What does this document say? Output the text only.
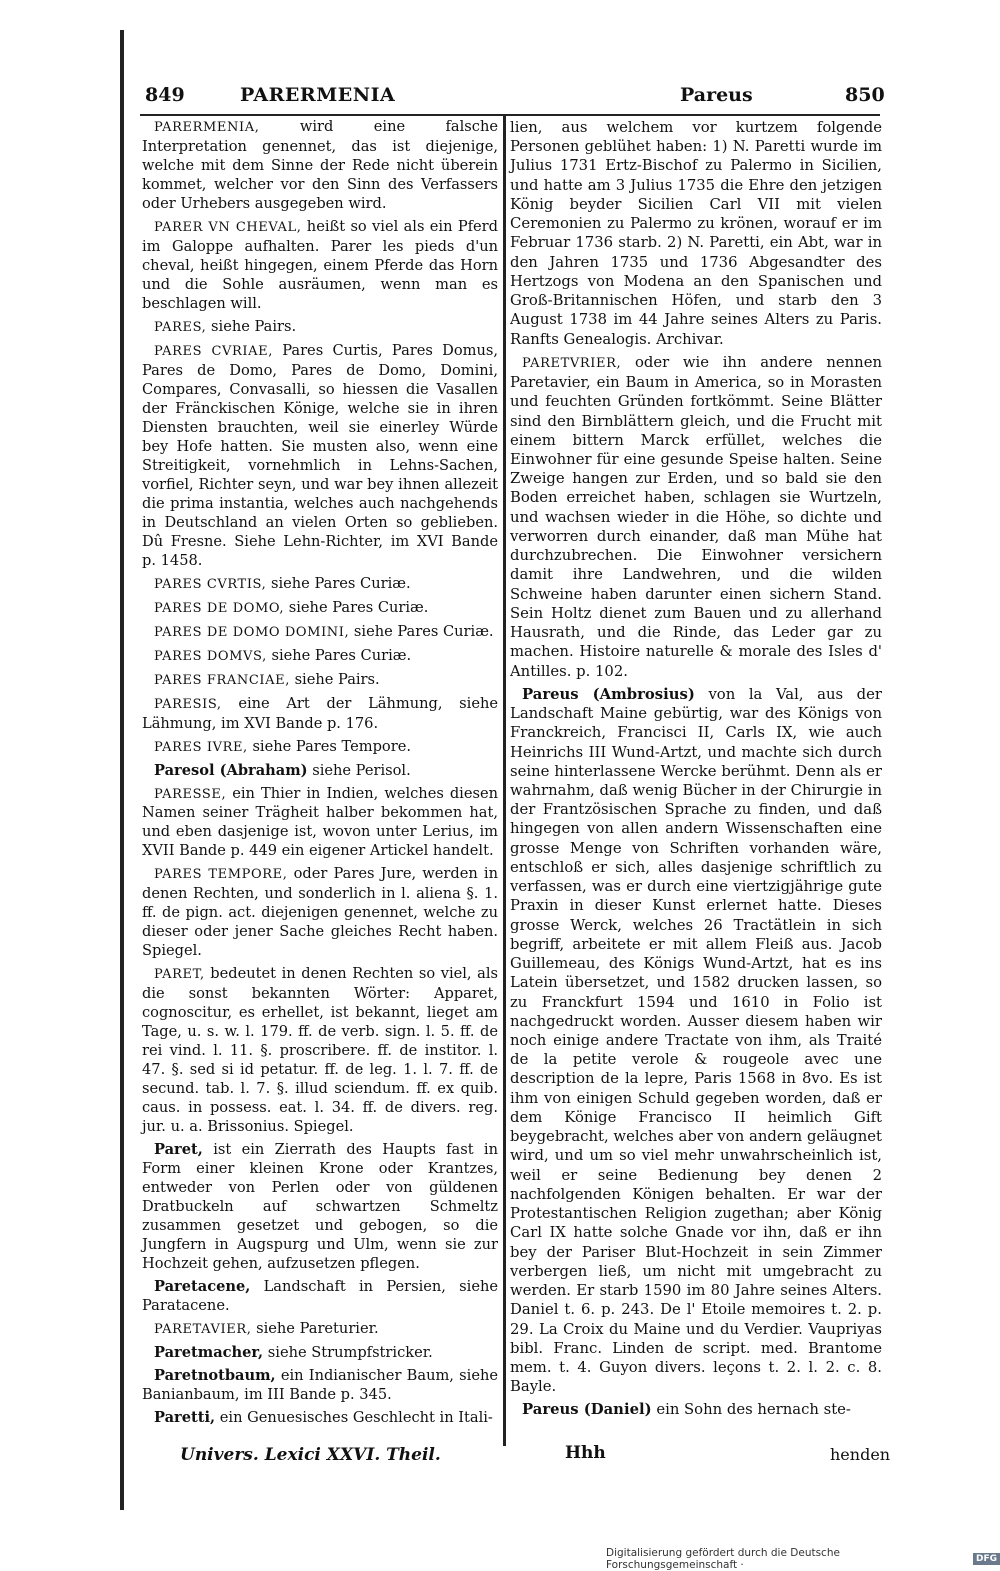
849	PARERMENIA	Pareus	850

PARERMENIA,	wird eine falsche Interpretation genennet, das ist diejenige, welche mit dem Sinne der Rede nicht überein kommet, welcher vor den Sinn des Verfassers oder Urhebers ausgegeben wird.

PARER VN CHEVAL, heißt so viel als ein Pferd im Galoppe aufhalten. Parer les pieds d'un cheval, heißt hingegen, einem Pferde das Horn und die Sohle ausräumen, wenn man es beschlagen will.

PARES, siehe Pairs.

PARES CVRIAE, Pares Curtis, Pares Domus, Pares de Domo, Pares de Domo, Domini, Compares, Convasalli, so hiessen die Vasallen der Fränckischen Könige, welche sie in ihren Diensten brauchten, weil sie einerley Würde bey Hofe hatten. Sie musten also, wenn eine Streitigkeit, vornehmlich in Lehns-Sachen, vorfiel, Richter seyn, und war bey ihnen allezeit die prima instantia, welches auch nachgehends in Deutschland an vielen Orten so geblieben. Dû Fresne. Siehe Lehn-Richter, im XVI Bande p. 1458.

PARES CVRTIS, siehe Pares Curiæ.

PARES DE DOMO, siehe Pares Curiæ.

PARES DE DOMO DOMINI, siehe Pares Curiæ.

PARES DOMVS, siehe Pares Curiæ.

PARES FRANCIAE, siehe Pairs.

PARESIS, eine Art der Lähmung, siehe Lähmung, im XVI Bande p. 176.

PARES IVRE, siehe Pares Tempore.

Paresol (Abraham) siehe Perisol.

PARESSE, ein Thier in Indien, welches diesen Namen seiner Trägheit halber bekommen hat, und eben dasjenige ist, wovon unter Lerius, im XVII Bande p. 449 ein eigener Artickel handelt.

PARES TEMPORE, oder Pares Jure, werden in denen Rechten, und sonderlich in l. aliena §. 1. ff. de pign. act. diejenigen genennet, welche zu dieser oder jener Sache gleiches Recht haben. Spiegel.

PARET, bedeutet in denen Rechten so viel, als die sonst bekannten Wörter: Apparet, cognoscitur, es erhellet, ist bekannt, lieget am Tage, u. s. w. l. 179. ff. de verb. sign. l. 5. ff. de rei vind. l. 11. §. proscribere. ff. de institor. l. 47. §. sed si id petatur. ff. de leg. 1. l. 7. ff. de secund. tab. l. 7. §. illud sciendum. ff. ex quib. caus. in possess. eat. l. 34. ff. de divers. reg. jur. u. a. Brissonius. Spiegel.

Paret, ist ein Zierrath des Haupts fast in Form einer kleinen Krone oder Krantzes, entweder von Perlen oder von güldenen Dratbuckeln auf schwartzen Schmeltz zusammen gesetzet und gebogen, so die Jungfern in Augspurg und Ulm, wenn sie zur Hochzeit gehen, aufzusetzen pflegen.

Paretacene, Landschaft in Persien, siehe Paratacene.

PARETAVIER, siehe Pareturier.

Paretmacher, siehe Strumpfstricker.

Paretnotbaum, ein Indianischer Baum, siehe Banianbaum, im III Bande p. 345.

Paretti, ein Genuesisches Geschlecht in Itali-

lien, aus welchem vor kurtzem folgende Personen geblühet haben: 1) N. Paretti wurde im Julius 1731 Ertz-Bischof zu Palermo in Sicilien, und hatte am 3 Julius 1735 die Ehre den jetzigen König beyder Sicilien Carl VII mit vielen Ceremonien zu Palermo zu krönen, worauf er im Februar 1736 starb. 2) N. Paretti, ein Abt, war in den Jahren 1735 und 1736 Abgesandter des Hertzogs von Modena an den Spanischen und Groß-Britannischen Höfen, und starb den 3 August 1738 im 44 Jahre seines Alters zu Paris. Ranfts Genealogis. Archivar.

PARETVRIER, oder wie ihn andere nennen Paretavier, ein Baum in America, so in Morasten und feuchten Gründen fortkömmt. Seine Blätter sind den Birnblättern gleich, und die Frucht mit einem bittern Marck erfüllet, welches die Einwohner für eine gesunde Speise halten. Seine Zweige hangen zur Erden, und so bald sie den Boden erreichet haben, schlagen sie Wurtzeln, und wachsen wieder in die Höhe, so dichte und verworren durch einander, daß man Mühe hat durchzubrechen. Die Einwohner versichern damit ihre Landwehren, und die wilden Schweine haben darunter einen sichern Stand. Sein Holtz dienet zum Bauen und zu allerhand Hausrath, und die Rinde, das Leder gar zu machen. Histoire naturelle & morale des Isles d' Antilles. p. 102.

Pareus (Ambrosius) von la Val, aus der Landschaft Maine gebürtig, war des Königs von Franckreich, Francisci II, Carls IX, wie auch Heinrichs III Wund-Artzt, und machte sich durch seine hinterlassene Wercke berühmt. Denn als er wahrnahm, daß wenig Bücher in der Chirurgie in der Frantzösischen Sprache zu finden, und daß hingegen von allen andern Wissenschaften eine grosse Menge von Schriften vorhanden wäre, entschloß er sich, alles dasjenige schriftlich zu verfassen, was er durch eine viertzigjährige gute Praxin in dieser Kunst erlernet hatte. Dieses grosse Werck, welches 26 Tractätlein in sich begriff, arbeitete er mit allem Fleiß aus. Jacob Guillemeau, des Königs Wund-Artzt, hat es ins Latein übersetzet, und 1582 drucken lassen, so zu Franckfurt 1594 und 1610 in Folio ist nachgedruckt worden. Ausser diesem haben wir noch einige andere Tractate von ihm, als Traité de la petite verole & rougeole avec une description de la lepre, Paris 1568 in 8vo. Es ist ihm von einigen Schuld gegeben worden, daß er dem Könige Francisco II heimlich Gift beygebracht, welches aber von andern geläugnet wird, und um so viel mehr unwahrscheinlich ist, weil er seine Bedienung bey denen 2 nachfolgenden Königen behalten. Er war der Protestantischen Religion zugethan; aber König Carl IX hatte solche Gnade vor ihn, daß er ihn bey der Pariser Blut-Hochzeit in sein Zimmer verbergen ließ, um nicht mit umgebracht zu werden. Er starb 1590 im 80 Jahre seines Alters. Daniel t. 6. p. 243. De l' Etoile memoires t. 2. p. 29. La Croix du Maine und du Verdier. Vaupriyas bibl. Franc. Linden de script. med. Brantome mem. t. 4. Guyon divers. leçons t. 2. l. 2. c. 8. Bayle.

Pareus (Daniel) ein Sohn des hernach ste-

Univers. Lexici XXVI. Theil.	Hhh	henden
Digitalisierung gefördert durch die Deutsche Forschungsgemeinschaft ·	DFG
